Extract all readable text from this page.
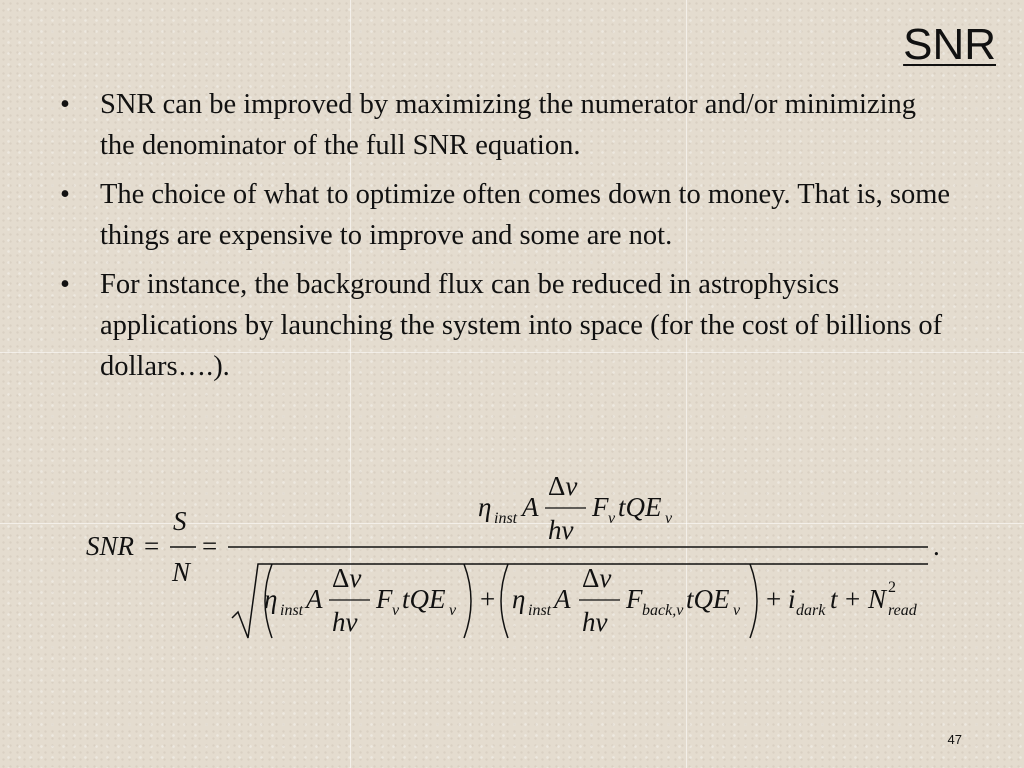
SNR
• SNR can be improved by maximizing the numerator and/or minimizing the denominator of the full SNR equation.
• The choice of what to optimize often comes down to money. That is, some things are expensive to improve and some are not.
• For instance, the background flux can be reduced in astrophysics applications by launching the system into space (for the cost of billions of dollars….).
SNR =
S
N
=
η inst A
Δν
hν
F ν tQE ν
.
η inst A
Δν
hν
F ν tQE ν + η inst A
Δν
hν
F back,ν tQE ν + i dark t + N 2
read
47
